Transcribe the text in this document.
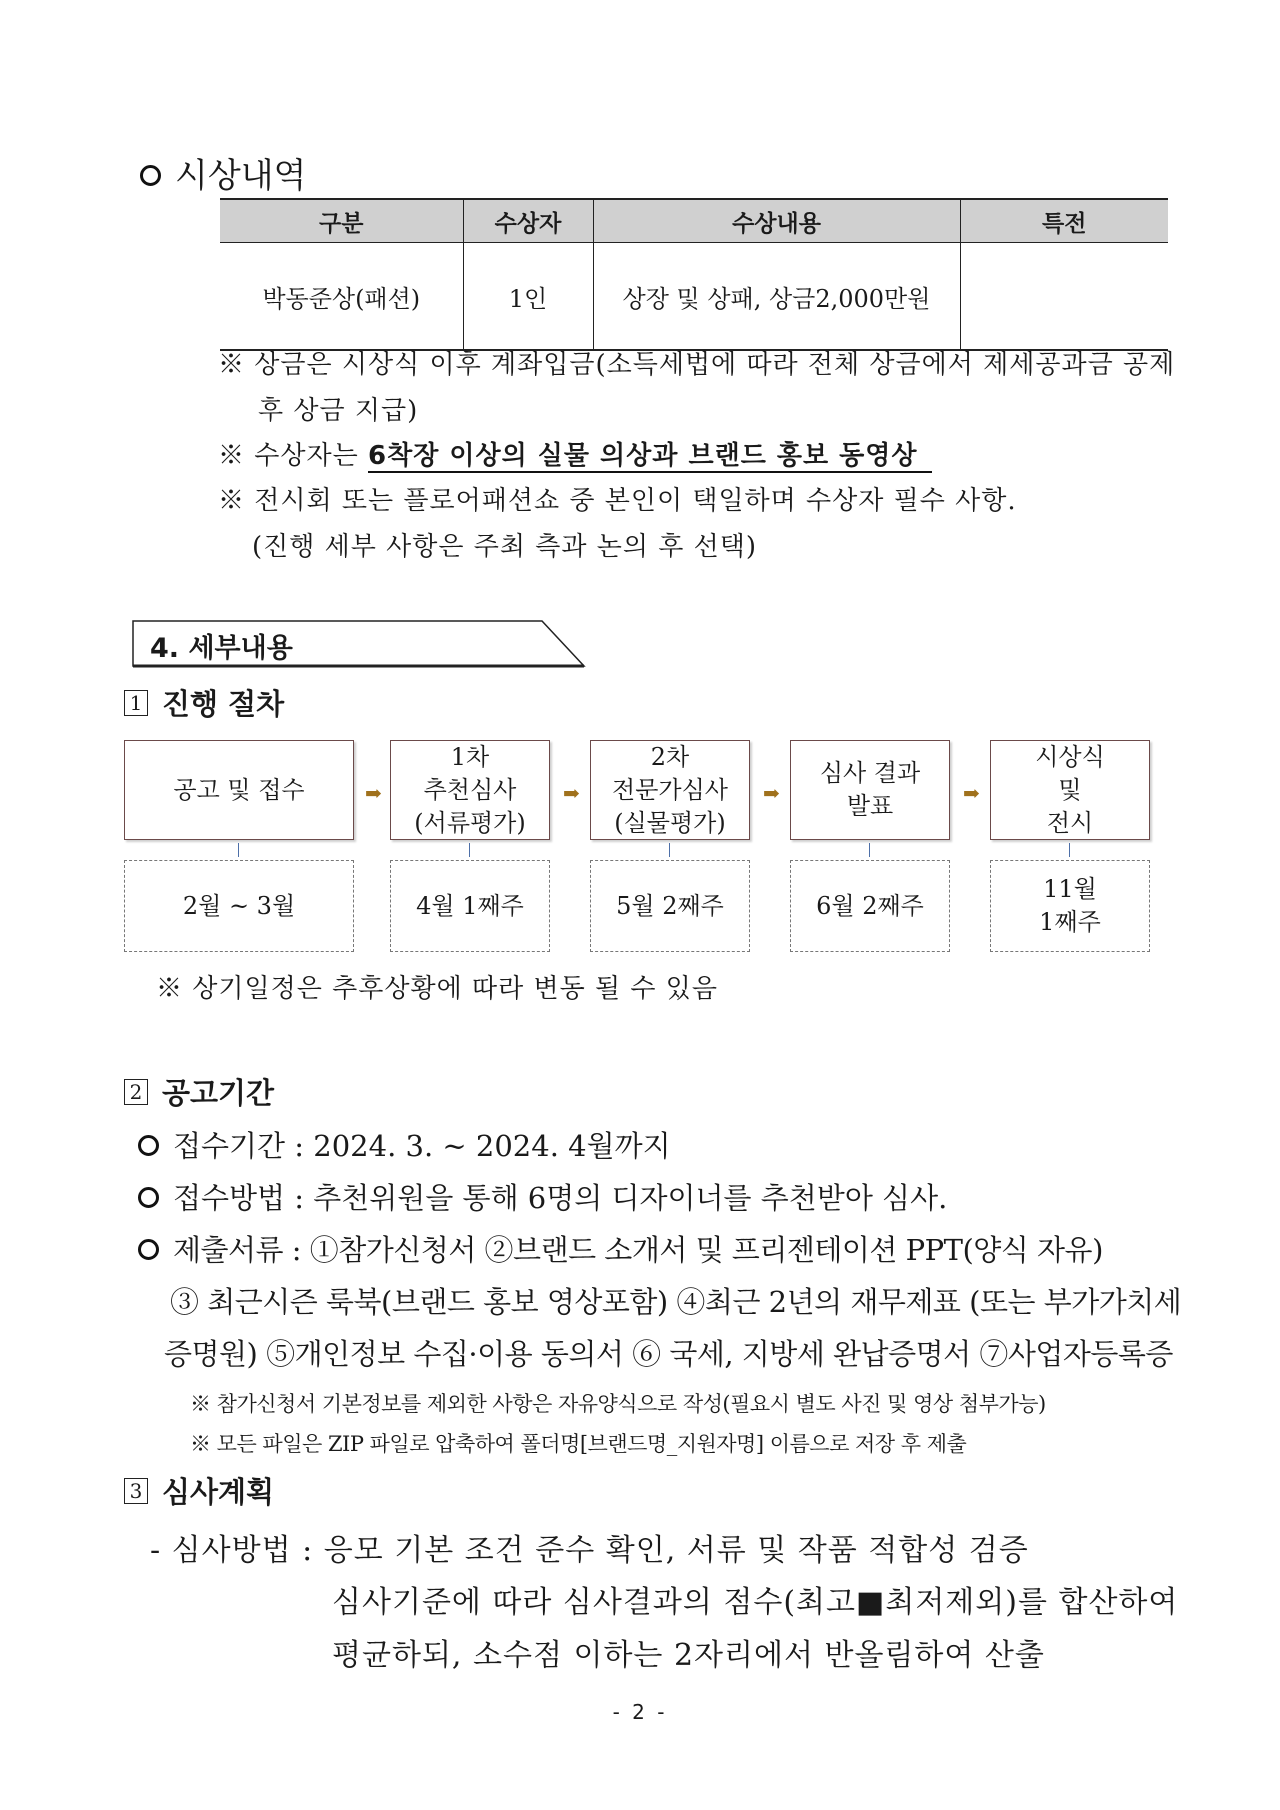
시상내역
구분	수상자	수상내용	특전
박동준상(패션)	1인	상장 및 상패, 상금2,000만원	
※ 상금은 시상식 이후 계좌입금(소득세법에 따라 전체 상금에서 제세공과금 공제
후 상금 지급)
※ 수상자는 6착장 이상의 실물 의상과 브랜드 홍보 동영상
※ 전시회 또는 플로어패션쇼 중 본인이 택일하며 수상자 필수 사항.
(진행 세부 사항은 주최 측과 논의 후 선택)
4. 세부내용
1 진행 절차
공고 및 접수
1차
추천심사
(서류평가)
2차
전문가심사
(실물평가)
심사 결과
발표
시상식
및
전시
➡	➡	➡	➡
2월 ~ 3월	4월 1째주	5월 2째주	6월 2째주
11월
1째주
※ 상기일정은 추후상황에 따라 변동 될 수 있음
2 공고기간
접수기간 : 2024. 3. ~ 2024. 4월까지
접수방법 : 추천위원을 통해 6명의 디자이너를 추천받아 심사.
제출서류 : ①참가신청서 ②브랜드 소개서 및 프리젠테이션 PPT(양식 자유)
③ 최근시즌 룩북(브랜드 홍보 영상포함) ④최근 2년의 재무제표 (또는 부가가치세
증명원) ⑤개인정보 수집·이용 동의서 ⑥ 국세, 지방세 완납증명서 ⑦사업자등록증
※ 참가신청서 기본정보를 제외한 사항은 자유양식으로 작성(필요시 별도 사진 및 영상 첨부가능)
※ 모든 파일은 ZIP 파일로 압축하여 폴더명[브랜드명_지원자명] 이름으로 저장 후 제출
3 심사계획
- 심사방법 : 응모 기본 조건 준수 확인, 서류 및 작품 적합성 검증
심사기준에 따라 심사결과의 점수(최고■최저제외)를 합산하여
평균하되, 소수점 이하는 2자리에서 반올림하여 산출
- 2 -
